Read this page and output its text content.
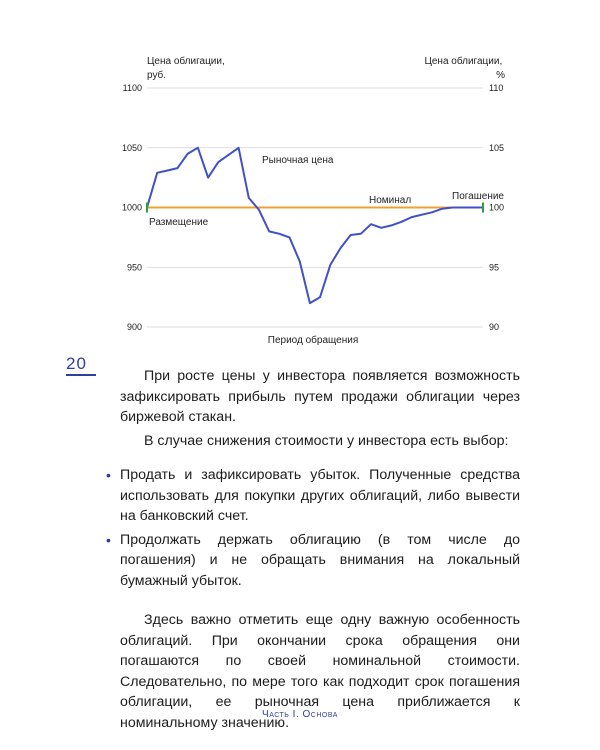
1100
1050
1000
950
900
110
105
100
95
90
Цена облигации, руб.
Цена облигации, %
Рыночная цена
Номинал
Размещение
Погашение
Период обращения
20

При росте цены у инвестора появляется возможность зафиксировать прибыль путем продажи облигации через биржевой стакан.

В случае снижения стоимости у инвестора есть выбор:

• Продать и зафиксировать убыток. Полученные средства использовать для покупки других облигаций, либо вывести на банковский счет.
• Продолжать держать облигацию (в том числе до погашения) и не обращать внимания на локальный бумажный убыток.

Здесь важно отметить еще одну важную особенность облигаций. При окончании срока обращения они погашаются по своей номинальной стоимости. Следовательно, по мере того как подходит срок погашения облигации, ее рыночная цена приближается к номинальному значению.

Часть I. Основа
